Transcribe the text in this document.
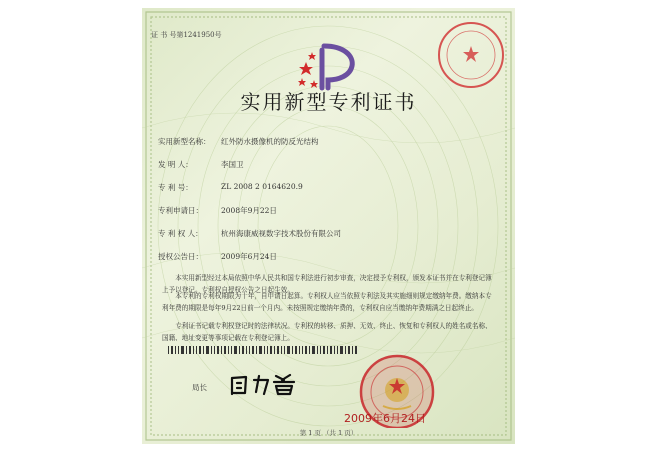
证 书 号第1241950号
实用新型专利证书
实用新型名称： 红外防水摄像机的防反光结构
发 明 人：	李国卫
专 利 号：	ZL 2008 2 0164620.9
专利申请日： 2008年9月22日
专 利 权 人： 杭州海康威视数字技术股份有限公司
授权公告日： 2009年6月24日
本实用新型经过本局依照中华人民共和国专利法进行初步审查，决定授予专利权，颁发本证书并在专利登记簿上予以登记。专利权自授权公告之日起生效。
本专利的专利权期限为十年，自申请日起算。专利权人应当依照专利法及其实施细则规定缴纳年费。缴纳本专利年费的期限是每年9月22日前一个月内。未按照规定缴纳年费的，专利权自应当缴纳年费期满之日起终止。
专利证书记载专利权登记时的法律状况。专利权的转移、质押、无效、终止、恢复和专利权人的姓名或名称、国籍、地址变更等事项记载在专利登记簿上。
局长
2009年6月24日
第 1 页 （共 1 页）
